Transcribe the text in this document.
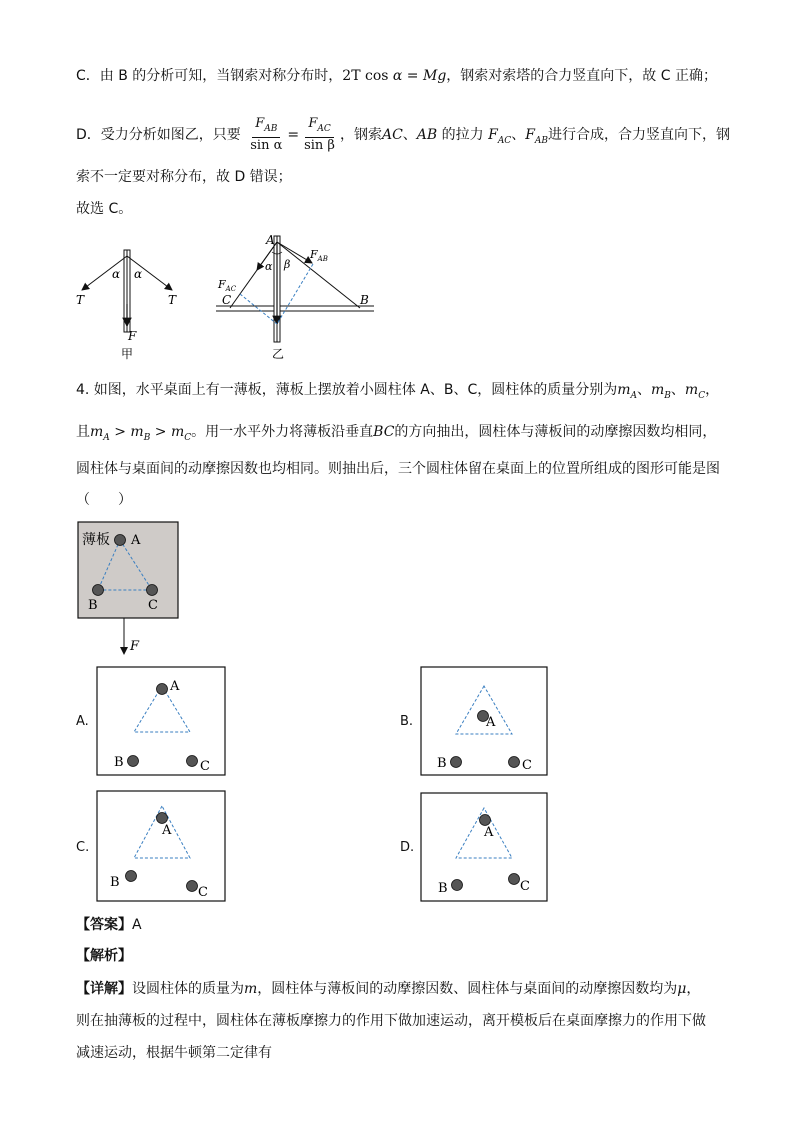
C．由 B 的分析可知，当钢索对称分布时，2T cos α = Mg，钢索对索塔的合力竖直向下，故 C 正确；
D．受力分析如图乙，只要 $\frac{F_{AB}}{\text{sin α}} = \frac{F_{AC}}{\text{sin β}}$ ，钢索AC、AB 的拉力 $F_{AC}$、$F_{AB}$进行合成，合力竖直向下，钢
索不一定要对称分布，故 D 错误；
故选 C。
α α
T	T
F
甲
A
α β
$F_{AB}$
$F_{AC}$
C	B
乙
4. 如图，水平桌面上有一薄板，薄板上摆放着小圆柱体 A、B、C，圆柱体的质量分别为$m_A$、$m_B$、$m_C$，
且$m_A > m_B > m_C$。用一水平外力将薄板沿垂直BC的方向抽出，圆柱体与薄板间的动摩擦因数均相同，
圆柱体与桌面间的动摩擦因数也均相同。则抽出后，三个圆柱体留在桌面上的位置所组成的图形可能是图
（　　）
薄板 A
B	C
F
A.
A
B	C
B.	A
B	C
C.
A
B
C
D.
A
B	C
【答案】A
【解析】
【详解】设圆柱体的质量为m，圆柱体与薄板间的动摩擦因数、圆柱体与桌面间的动摩擦因数均为μ，
则在抽薄板的过程中，圆柱体在薄板摩擦力的作用下做加速运动，离开模板后在桌面摩擦力的作用下做
减速运动，根据牛顿第二定律有
